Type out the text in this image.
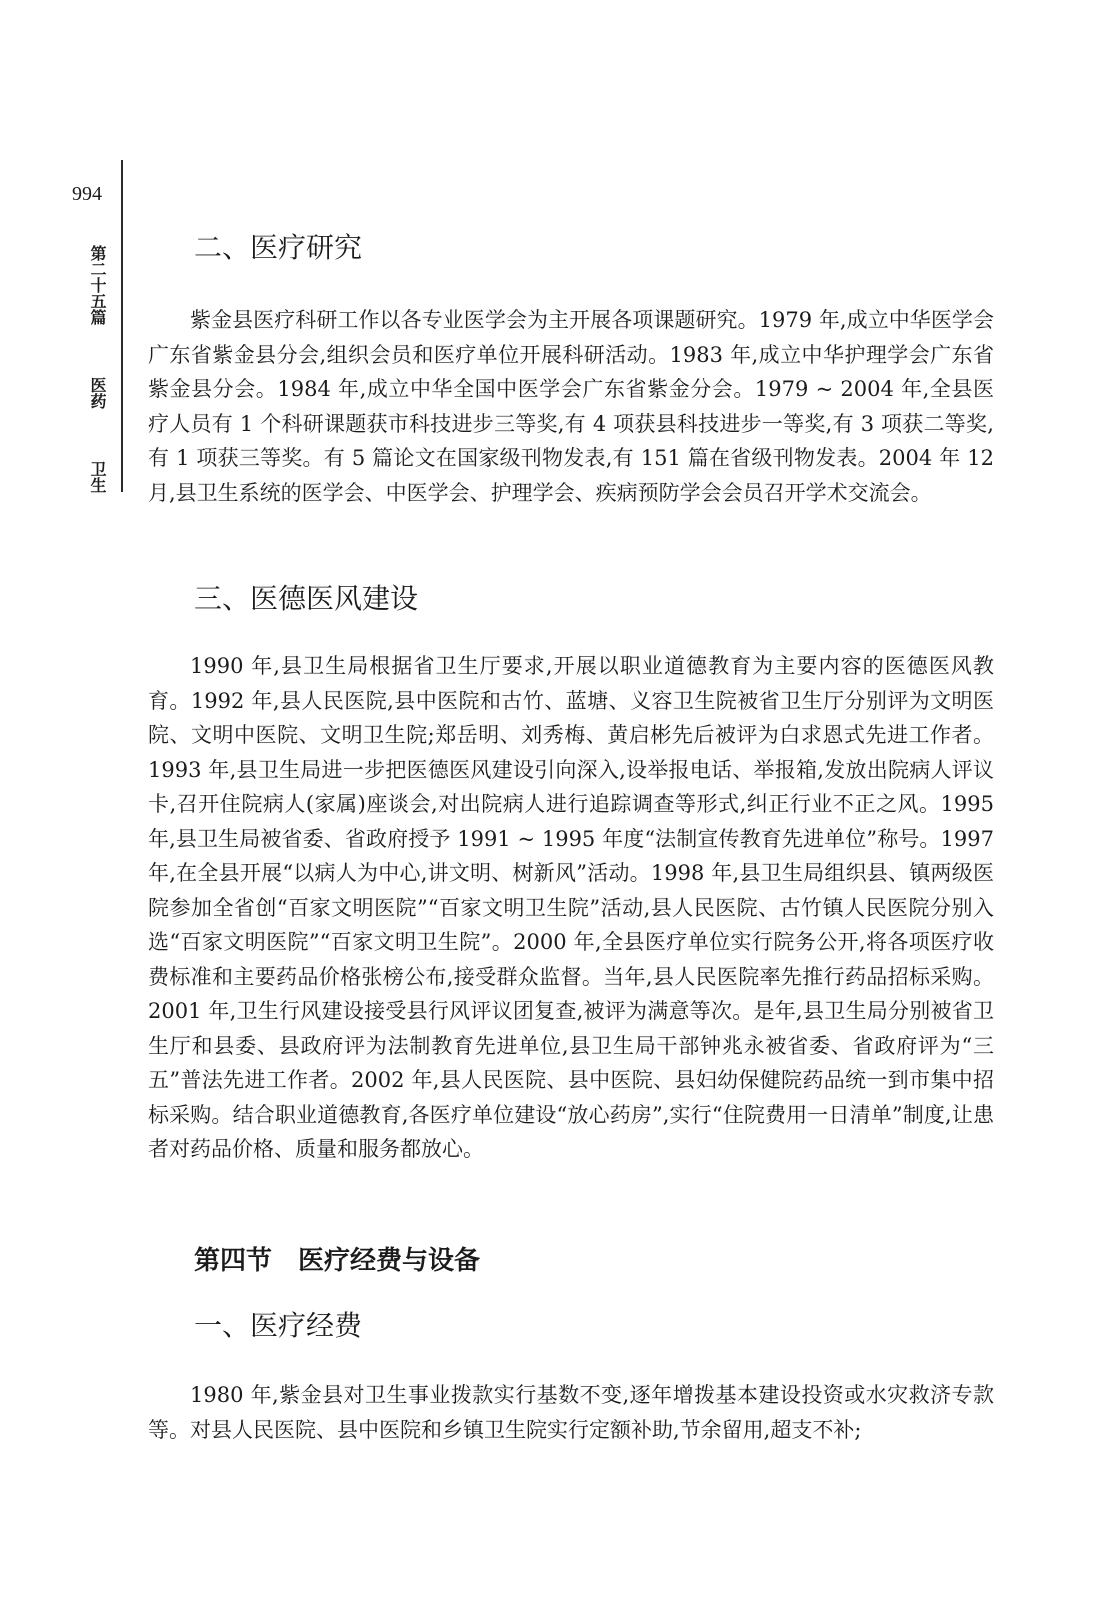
994
第二十五篇  医药  卫生
二、医疗研究

紫金县医疗科研工作以各专业医学会为主开展各项课题研究。1979 年,成立中华医学会广东省紫金县分会,组织会员和医疗单位开展科研活动。1983 年,成立中华护理学会广东省紫金县分会。1984 年,成立中华全国中医学会广东省紫金分会。1979 ~ 2004 年,全县医疗人员有 1 个科研课题获市科技进步三等奖,有 4 项获县科技进步一等奖,有 3 项获二等奖,有 1 项获三等奖。有 5 篇论文在国家级刊物发表,有 151 篇在省级刊物发表。2004 年 12 月,县卫生系统的医学会、中医学会、护理学会、疾病预防学会会员召开学术交流会。

三、医德医风建设

1990 年,县卫生局根据省卫生厅要求,开展以职业道德教育为主要内容的医德医风教育。1992 年,县人民医院,县中医院和古竹、蓝塘、义容卫生院被省卫生厅分别评为文明医院、文明中医院、文明卫生院;郑岳明、刘秀梅、黄启彬先后被评为白求恩式先进工作者。1993 年,县卫生局进一步把医德医风建设引向深入,设举报电话、举报箱,发放出院病人评议卡,召开住院病人(家属)座谈会,对出院病人进行追踪调查等形式,纠正行业不正之风。1995 年,县卫生局被省委、省政府授予 1991 ~ 1995 年度“法制宣传教育先进单位”称号。1997 年,在全县开展“以病人为中心,讲文明、树新风”活动。1998 年,县卫生局组织县、镇两级医院参加全省创“百家文明医院”“百家文明卫生院”活动,县人民医院、古竹镇人民医院分别入选“百家文明医院”“百家文明卫生院”。2000 年,全县医疗单位实行院务公开,将各项医疗收费标准和主要药品价格张榜公布,接受群众监督。当年,县人民医院率先推行药品招标采购。2001 年,卫生行风建设接受县行风评议团复查,被评为满意等次。是年,县卫生局分别被省卫生厅和县委、县政府评为法制教育先进单位,县卫生局干部钟兆永被省委、省政府评为“三五”普法先进工作者。2002 年,县人民医院、县中医院、县妇幼保健院药品统一到市集中招标采购。结合职业道德教育,各医疗单位建设“放心药房”,实行“住院费用一日清单”制度,让患者对药品价格、质量和服务都放心。

第四节 医疗经费与设备
一、医疗经费

1980 年,紫金县对卫生事业拨款实行基数不变,逐年增拨基本建设投资或水灾救济专款等。对县人民医院、县中医院和乡镇卫生院实行定额补助,节余留用,超支不补;
